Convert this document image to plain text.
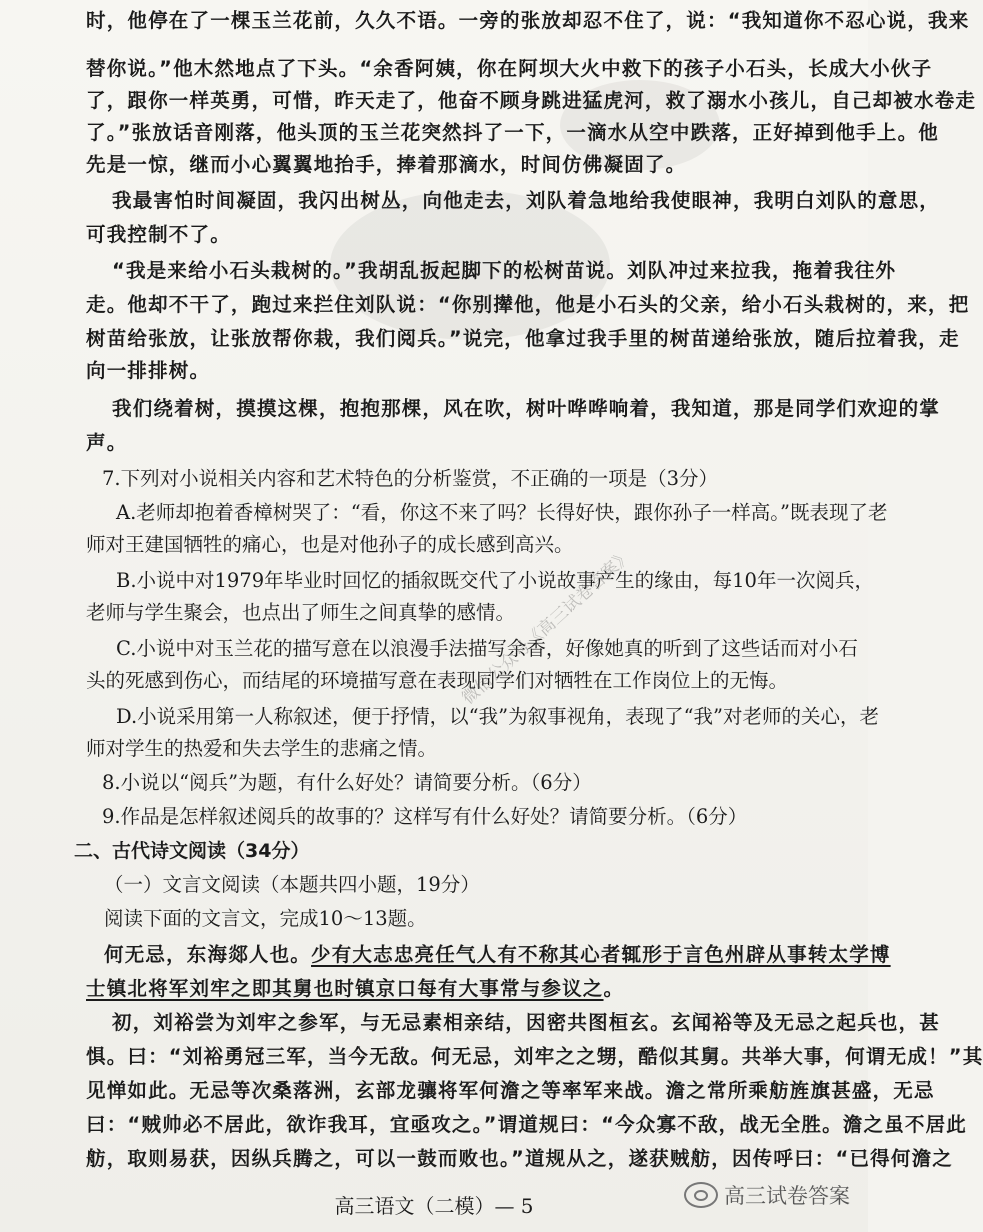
时，他停在了一棵玉兰花前，久久不语。一旁的张放却忍不住了，说：“我知道你不忍心说，我来
替你说。”他木然地点了下头。“余香阿姨，你在阿坝大火中救下的孩子小石头，长成大小伙子
了，跟你一样英勇，可惜，昨天走了，他奋不顾身跳进猛虎河，救了溺水小孩儿，自己却被水卷走
了。”张放话音刚落，他头顶的玉兰花突然抖了一下，一滴水从空中跌落，正好掉到他手上。他
先是一惊，继而小心翼翼地抬手，捧着那滴水，时间仿佛凝固了。
我最害怕时间凝固，我闪出树丛，向他走去，刘队着急地给我使眼神，我明白刘队的意思，
可我控制不了。
“我是来给小石头栽树的。”我胡乱扳起脚下的松树苗说。刘队冲过来拉我，拖着我往外
走。他却不干了，跑过来拦住刘队说：“你别撵他，他是小石头的父亲，给小石头栽树的，来，把
树苗给张放，让张放帮你栽，我们阅兵。”说完，他拿过我手里的树苗递给张放，随后拉着我，走
向一排排树。
我们绕着树，摸摸这棵，抱抱那棵，风在吹，树叶哗哗响着，我知道，那是同学们欢迎的掌
声。
7.下列对小说相关内容和艺术特色的分析鉴赏，不正确的一项是（3分）
A.老师却抱着香樟树哭了：“看，你这不来了吗？长得好快，跟你孙子一样高。”既表现了老
师对王建国牺牲的痛心，也是对他孙子的成长感到高兴。
B.小说中对1979年毕业时回忆的插叙既交代了小说故事产生的缘由，每10年一次阅兵，
老师与学生聚会，也点出了师生之间真挚的感情。
C.小说中对玉兰花的描写意在以浪漫手法描写余香，好像她真的听到了这些话而对小石
头的死感到伤心，而结尾的环境描写意在表现同学们对牺牲在工作岗位上的无悔。
D.小说采用第一人称叙述，便于抒情，以“我”为叙事视角，表现了“我”对老师的关心，老
师对学生的热爱和失去学生的悲痛之情。
8.小说以“阅兵”为题，有什么好处？请简要分析。（6分）
9.作品是怎样叙述阅兵的故事的？这样写有什么好处？请简要分析。（6分）
二、古代诗文阅读（34分）
（一）文言文阅读（本题共四小题，19分）
阅读下面的文言文，完成10～13题。
何无忌，东海郯人也。少有大志忠亮任气人有不称其心者辄形于言色州辟从事转太学博
士镇北将军刘牢之即其舅也时镇京口每有大事常与参议之。
初，刘裕尝为刘牢之参军，与无忌素相亲结，因密共图桓玄。玄闻裕等及无忌之起兵也，甚
惧。曰：“刘裕勇冠三军，当今无敌。何无忌，刘牢之之甥，酷似其舅。共举大事，何谓无成！”其
见惮如此。无忌等次桑落洲，玄部龙骧将军何澹之等率军来战。澹之常所乘舫旌旗甚盛，无忌
曰：“贼帅必不居此，欲诈我耳，宜亟攻之。”谓道规曰：“今众寡不敌，战无全胜。澹之虽不居此
舫，取则易获，因纵兵腾之，可以一鼓而败也。”道规从之，遂获贼舫，因传呼曰：“已得何澹之
微信公众号《高三试卷答案》
高三语文（二模）— 5	高三试卷答案
